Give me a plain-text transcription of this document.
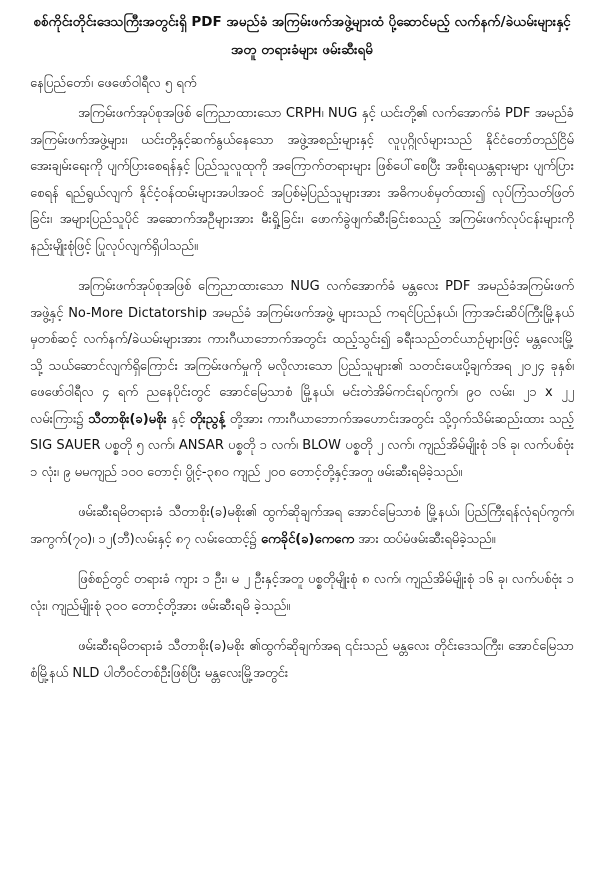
စစ်ကိုင်းတိုင်းဒေသကြီးအတွင်းရှိ PDF အမည်ခံ အကြမ်းဖက်အဖွဲ့များထံ ပို့ဆောင်မည့် လက်နက်/ခဲယမ်းများနှင့်အတူ တရားခံများ ဖမ်းဆီးရမိ
နေပြည်တော်၊ ဖေဖော်ဝါရီလ ၅ ရက်

အကြမ်းဖက်အုပ်စုအဖြစ် ကြေညာထားသော CRPH၊ NUG နှင့် ယင်းတို့၏ လက်အောက်ခံ PDF အမည်ခံအကြမ်းဖက်အဖွဲ့များ၊ ယင်းတို့နှင့်ဆက်နွယ်နေသော အဖွဲ့အစည်းများနှင့် လူပုဂ္ဂိုလ်များသည် နိုင်ငံတော်တည်ငြိမ်အေးချမ်းရေးကို ပျက်ပြားစေရန်နှင့် ပြည်သူလူထုကို အကြောက်တရားများ ဖြစ်ပေါ်စေပြီး အစိုးရယန္တရားများ ပျက်ပြားစေရန် ရည်ရွယ်လျက် နိုင်ငံ့ဝန်ထမ်းများအပါအဝင် အပြစ်မဲ့ပြည်သူများအား အဓိကပစ်မှတ်ထား၍ လုပ်ကြံသတ်ဖြတ်ခြင်း၊ အများပြည်သူပိုင် အဆောက်အဦများအား မီးရှို့ခြင်း၊ ဖောက်ခွဲဖျက်ဆီးခြင်းစသည့် အကြမ်းဖက်လုပ်ငန်းများကို နည်းမျိုးစုံဖြင့် ပြုလုပ်လျက်ရှိပါသည်။

အကြမ်းဖက်အုပ်စုအဖြစ် ကြေညာထားသော NUG လက်အောက်ခံ မန္တလေး PDF အမည်ခံအကြမ်းဖက်အဖွဲ့နှင့် No-More Dictatorship အမည်ခံ အကြမ်းဖက်အဖွဲ့ များသည် ကရင်ပြည်နယ်၊ ကြာအင်းဆိပ်ကြီးမြို့နယ်မှတစ်ဆင့် လက်နက်/ခဲယမ်းများအား ကားဂီယာဘောက်အတွင်း ထည့်သွင်း၍ ခရီးသည်တင်ယာဉ်များဖြင့် မန္တလေးမြို့သို့ သယ်ဆောင်လျက်ရှိကြောင်း အကြမ်းဖက်မှုကို မလိုလားသော ပြည်သူများ၏ သတင်းပေးပို့ချက်အရ ၂၀၂၄ ခုနှစ်၊ ဖေဖော်ဝါရီလ ၄ ရက် ညနေပိုင်းတွင် အောင်မြေသာစံ မြို့နယ်၊ မင်းတဲအိမ်ကင်းရပ်ကွက်၊ ၉၀ လမ်း၊ ၂၁ x ၂၂ လမ်းကြား၌ သီတာစိုး(ခ)မစိုး နှင့် တိုးညွန့် တို့အား ကားဂီယာဘောက်အဟောင်းအတွင်း သို့ဝှက်သိမ်းဆည်းထား သည့် SIG SAUER ပစ္စတို ၅ လက်၊ ANSAR ပစ္စတို ၁ လက်၊ BLOW ပစ္စတို ၂ လက်၊ ကျည်အိမ်မျိုးစုံ ၁၆ ခု၊ လက်ပစ်ဗုံး ၁ လုံး၊ ၉ မမကျည် ၁၀၀ တောင့်၊ ပွိုင့်-၃၈၀ ကျည် ၂၀၀ တောင့်တို့နှင့်အတူ ဖမ်းဆီးရမိခဲ့သည်။

ဖမ်းဆီးရမိတရားခံ သီတာစိုး(ခ)မစိုး၏ ထွက်ဆိုချက်အရ အောင်မြေသာစံ မြို့နယ်၊ ပြည်ကြီးရန်လုံရပ်ကွက်၊ အကွက်(၇၀)၊ ၁၂(ဘီ)လမ်းနှင့် ၈၇ လမ်းထောင့်၌ ကေခိုင်(ခ)ကေကေ အား ထပ်မံဖမ်းဆီးရမိခဲ့သည်။

ဖြစ်စဉ်တွင် တရားခံ ကျား ၁ ဦး၊ မ ၂ ဦးနှင့်အတူ ပစ္စတိုမျိုးစုံ ၈ လက်၊ ကျည်အိမ်မျိုးစုံ ၁၆ ခု၊ လက်ပစ်ဗုံး ၁ လုံး၊ ကျည်မျိုးစုံ ၃၀၀ တောင့်တို့အား ဖမ်းဆီးရမိ ခဲ့သည်။

ဖမ်းဆီးရမိတရားခံ သီတာစိုး(ခ)မစိုး ၏ထွက်ဆိုချက်အရ ၎င်းသည် မန္တလေး တိုင်းဒေသကြီး၊ အောင်မြေသာစံမြို့နယ် NLD ပါတီဝင်တစ်ဦးဖြစ်ပြီး မန္တလေးမြို့အတွင်း
